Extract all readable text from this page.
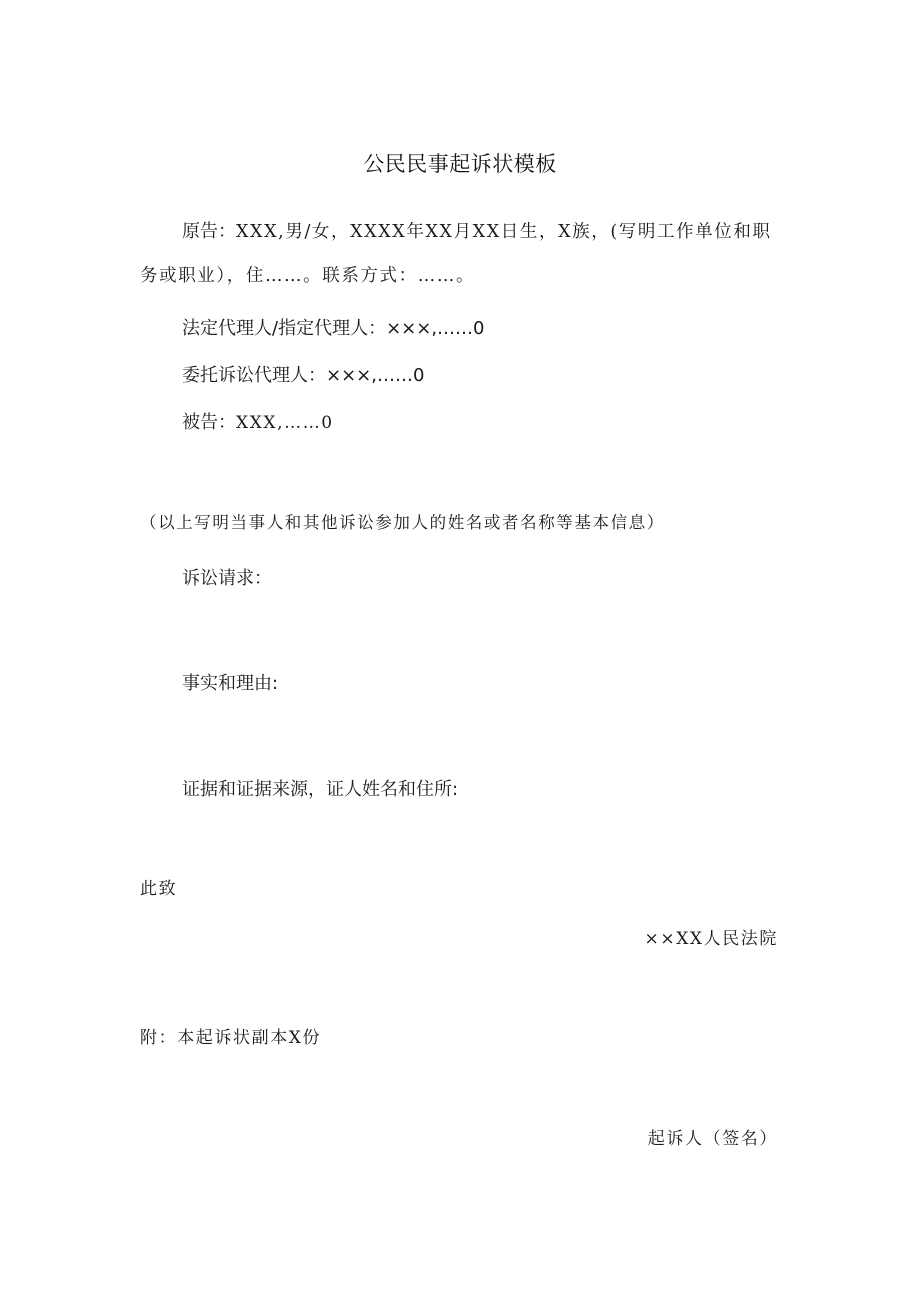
公民民事起诉状模板
原告：XXX,男/女，XXXX年XX月XX日生，X族，(写明工作单位和职务或职业），住……。联系方式：……。
法定代理人/指定代理人：×××,……0
委托诉讼代理人：×××,……0
被告：XXX,……0
（以上写明当事人和其他诉讼参加人的姓名或者名称等基本信息）
诉讼请求：
事实和理由:
证据和证据来源，证人姓名和住所:
此致
××XX人民法院
附：本起诉状副本X份
起诉人（签名）
